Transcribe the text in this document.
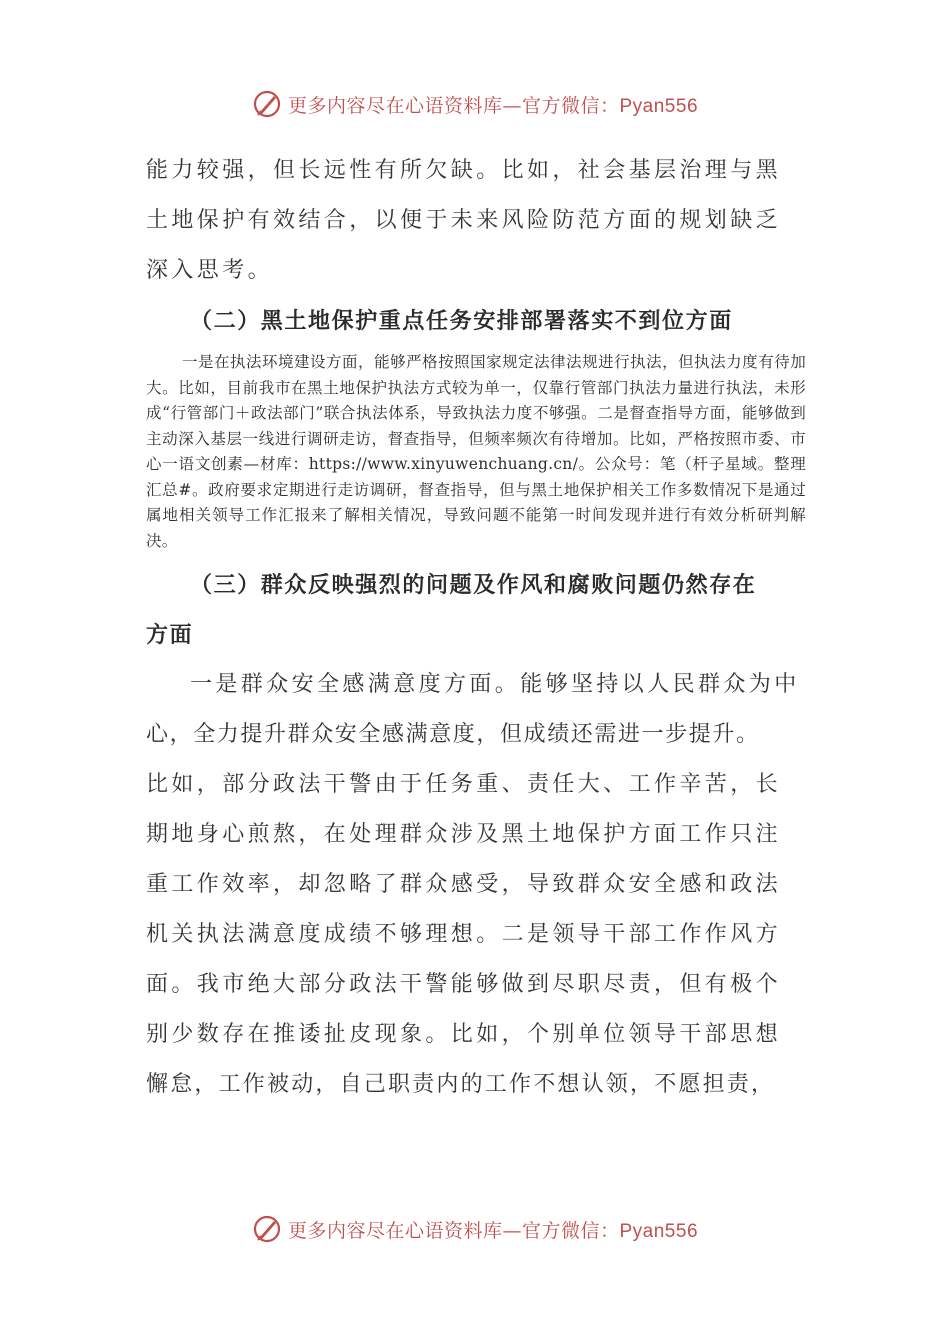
更多内容尽在心语资料库—官方微信：Pyan556

能力较强，但长远性有所欠缺。比如，社会基层治理与黑

土地保护有效结合，以便于未来风险防范方面的规划缺乏

深入思考。

（二）黑土地保护重点任务安排部署落实不到位方面

一是在执法环境建设方面，能够严格按照国家规定法律法规进行执法，但执法力度有待加大。比如，目前我市在黑土地保护执法方式较为单一，仅靠行管部门执法力量进行执法，未形成“行管部门＋政法部门”联合执法体系，导致执法力度不够强。二是督查指导方面，能够做到主动深入基层一线进行调研走访，督查指导，但频率频次有待增加。比如，严格按照市委、市心一语文创素—材库：https://www.xinyuwenchuang.cn/。公众号：笔（杆子星域。整理汇总#。政府要求定期进行走访调研，督查指导，但与黑土地保护相关工作多数情况下是通过属地相关领导工作汇报来了解相关情况，导致问题不能第一时间发现并进行有效分析研判解决。

（三）群众反映强烈的问题及作风和腐败问题仍然存在

方面

一是群众安全感满意度方面。能够坚持以人民群众为中

心，全力提升群众安全感满意度，但成绩还需进一步提升。

比如，部分政法干警由于任务重、责任大、工作辛苦，长

期地身心煎熬，在处理群众涉及黑土地保护方面工作只注

重工作效率，却忽略了群众感受，导致群众安全感和政法

机关执法满意度成绩不够理想。二是领导干部工作作风方

面。我市绝大部分政法干警能够做到尽职尽责，但有极个

别少数存在推诿扯皮现象。比如，个别单位领导干部思想

懈怠，工作被动，自己职责内的工作不想认领，不愿担责，

更多内容尽在心语资料库—官方微信：Pyan556
